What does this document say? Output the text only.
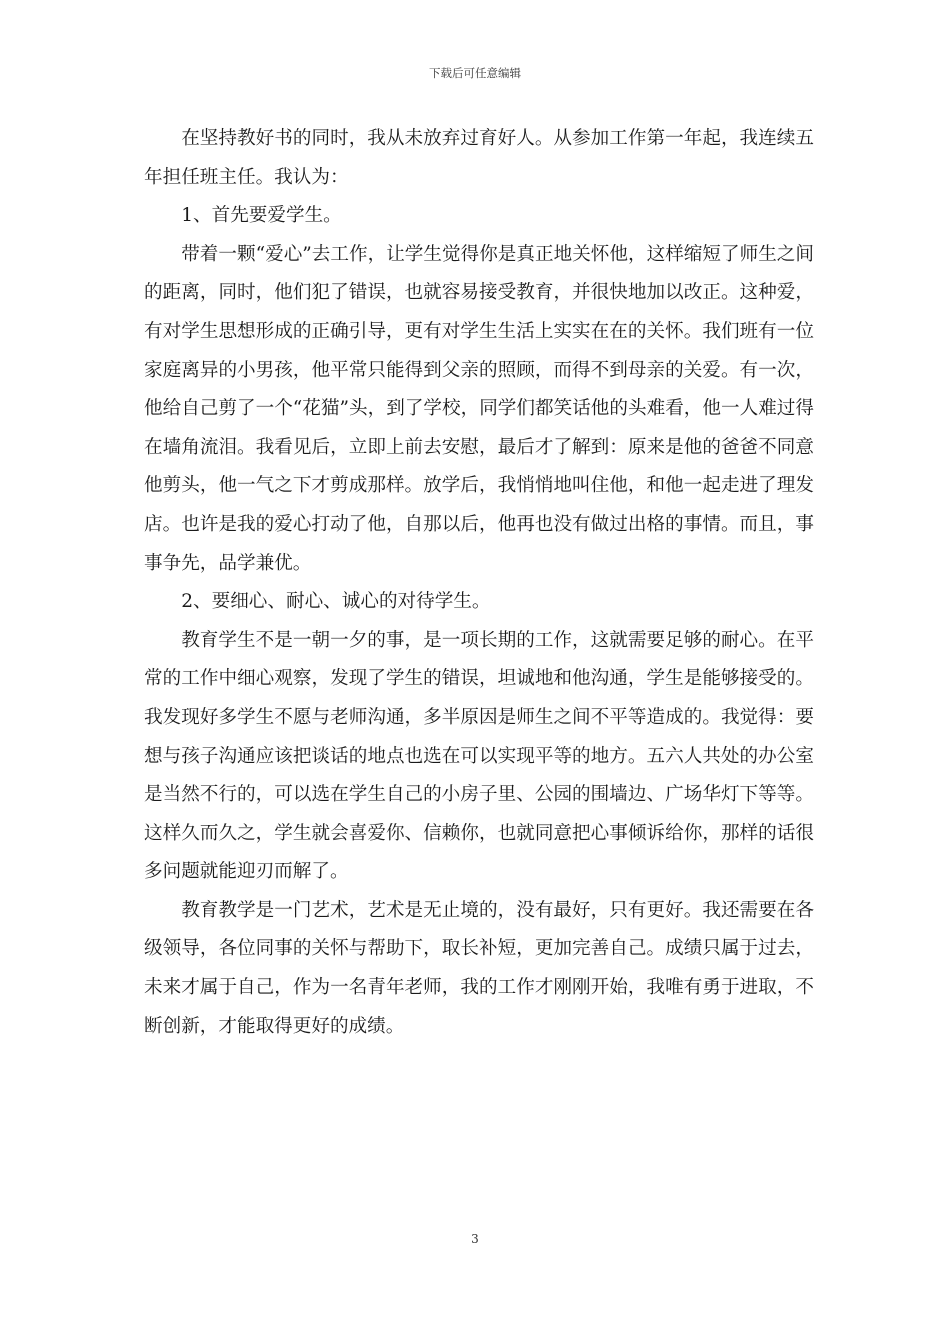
下载后可任意编辑

在坚持教好书的同时，我从未放弃过育好人。从参加工作第一年起，我连续五年担任班主任。我认为：

1、首先要爱学生。

带着一颗“爱心”去工作，让学生觉得你是真正地关怀他，这样缩短了师生之间的距离，同时，他们犯了错误，也就容易接受教育，并很快地加以改正。这种爱，有对学生思想形成的正确引导，更有对学生生活上实实在在的关怀。我们班有一位家庭离异的小男孩，他平常只能得到父亲的照顾，而得不到母亲的关爱。有一次，他给自己剪了一个“花猫”头，到了学校，同学们都笑话他的头难看，他一人难过得在墙角流泪。我看见后，立即上前去安慰，最后才了解到：原来是他的爸爸不同意他剪头，他一气之下才剪成那样。放学后，我悄悄地叫住他，和他一起走进了理发店。也许是我的爱心打动了他，自那以后，他再也没有做过出格的事情。而且，事事争先，品学兼优。

2、要细心、耐心、诚心的对待学生。

教育学生不是一朝一夕的事，是一项长期的工作，这就需要足够的耐心。在平常的工作中细心观察，发现了学生的错误，坦诚地和他沟通，学生是能够接受的。我发现好多学生不愿与老师沟通，多半原因是师生之间不平等造成的。我觉得：要想与孩子沟通应该把谈话的地点也选在可以实现平等的地方。五六人共处的办公室是当然不行的，可以选在学生自己的小房子里、公园的围墙边、广场华灯下等等。这样久而久之，学生就会喜爱你、信赖你，也就同意把心事倾诉给你，那样的话很多问题就能迎刃而解了。

教育教学是一门艺术，艺术是无止境的，没有最好，只有更好。我还需要在各级领导，各位同事的关怀与帮助下，取长补短，更加完善自己。成绩只属于过去，未来才属于自己，作为一名青年老师，我的工作才刚刚开始，我唯有勇于进取，不断创新，才能取得更好的成绩。

3
